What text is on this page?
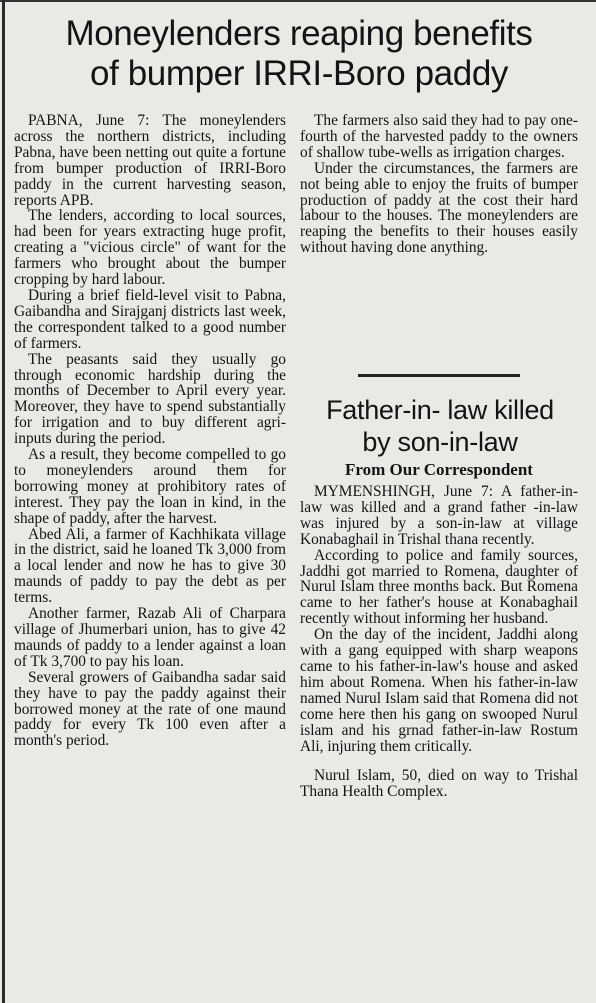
Moneylenders reaping benefits
of bumper IRRI-Boro paddy

PABNA, June 7: The moneylenders across the northern districts, including Pabna, have been netting out quite a fortune from bumper production of IRRI-Boro paddy in the current harvesting season, reports APB.

The lenders, according to local sources, had been for years extracting huge profit, creating a "vicious circle" of want for the farmers who brought about the bumper cropping by hard labour.

During a brief field-level visit to Pabna, Gaibandha and Sirajganj districts last week, the correspondent talked to a good number of farmers.

The peasants said they usually go through economic hardship during the months of December to April every year. Moreover, they have to spend substantially for irrigation and to buy different agri-inputs during the period.

As a result, they become compelled to go to moneylenders around them for borrowing money at prohibitory rates of interest. They pay the loan in kind, in the shape of paddy, after the harvest.

Abed Ali, a farmer of Kachhikata village in the district, said he loaned Tk 3,000 from a local lender and now he has to give 30 maunds of paddy to pay the debt as per terms.

Another farmer, Razab Ali of Charpara village of Jhumerbari union, has to give 42 maunds of paddy to a lender against a loan of Tk 3,700 to pay his loan.

Several growers of Gaibandha sadar said they have to pay the paddy against their borrowed money at the rate of one maund paddy for every Tk 100 even after a month's period.

The farmers also said they had to pay one-fourth of the harvested paddy to the owners of shallow tube-wells as irrigation charges.

Under the circumstances, the farmers are not being able to enjoy the fruits of bumper production of paddy at the cost their hard labour to the houses. The moneylenders are reaping the benefits to their houses easily without having done anything.

Father-in- law killed
by son-in-law
From Our Correspondent

MYMENSHINGH, June 7: A father-in-law was killed and a grand father -in-law was injured by a son-in-law at village Konabaghail in Trishal thana recently.

According to police and family sources, Jaddhi got married to Romena, daughter of Nurul Islam three months back. But Romena came to her father's house at Konabaghail recently without informing her husband.

On the day of the incident, Jaddhi along with a gang equipped with sharp weapons came to his father-in-law's house and asked him about Romena. When his father-in-law named Nurul Islam said that Romena did not come here then his gang on swooped Nurul islam and his grnad father-in-law Rostum Ali, injuring them critically.

Nurul Islam, 50, died on way to Trishal Thana Health Complex.
